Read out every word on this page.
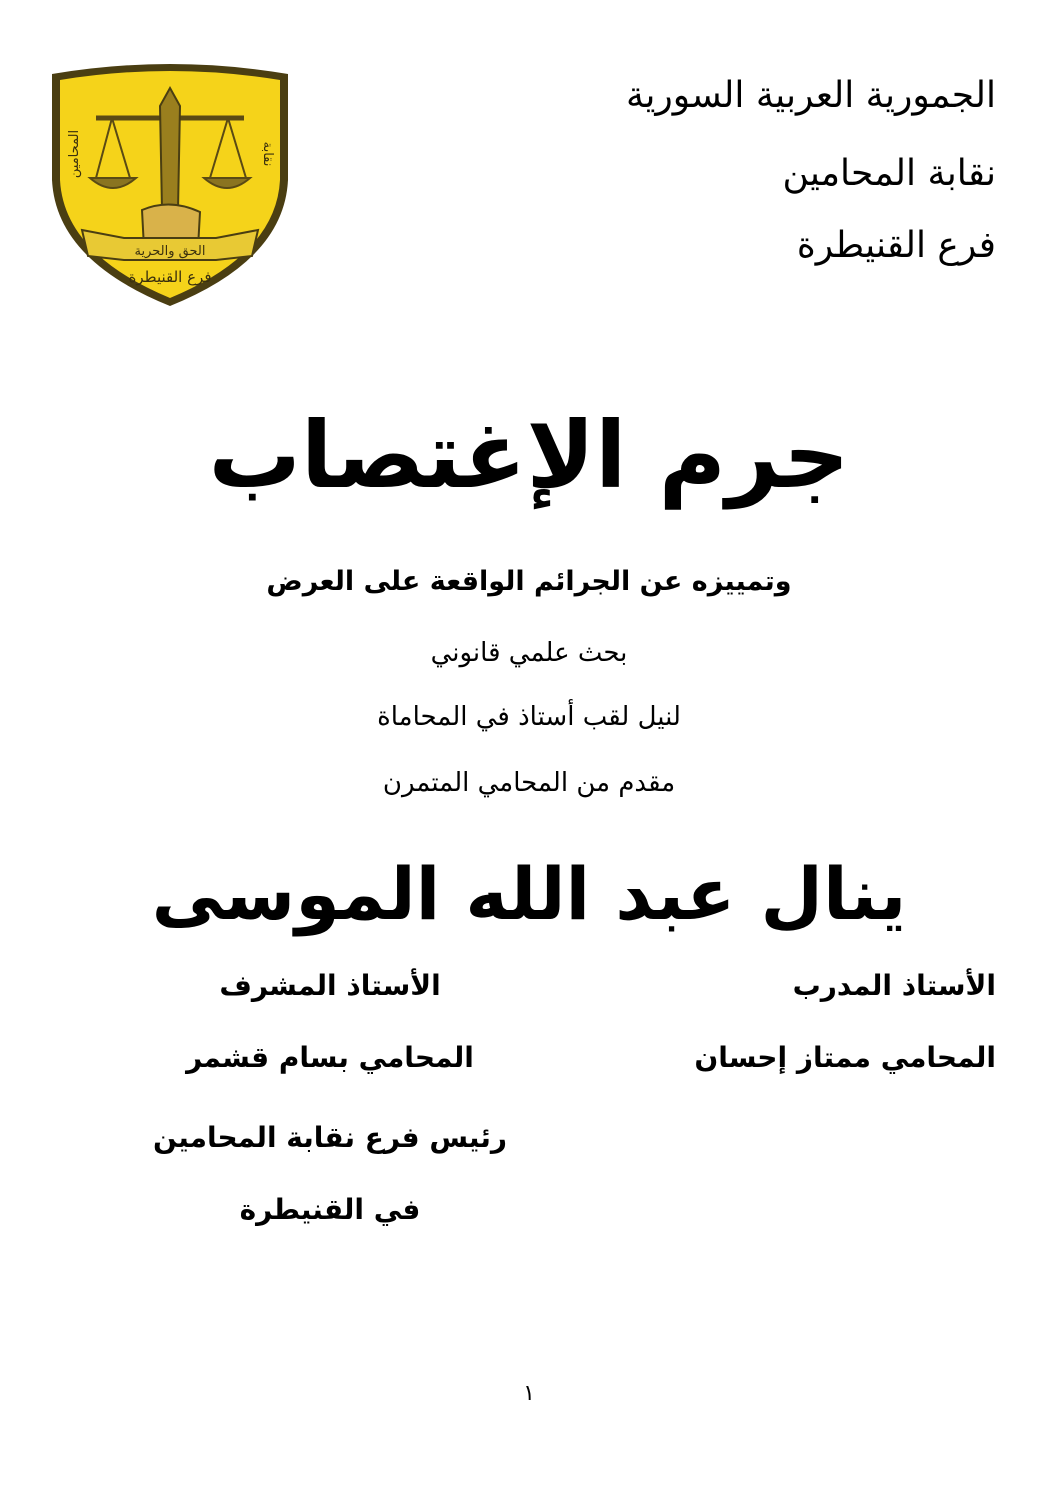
الحق والحرية
فرع القنيطرة
المحامين	نقابة
الجمورية العربية السورية
نقابة المحامين
فرع القنيطرة
جرم الإغتصاب
وتمييزه عن الجرائم الواقعة على العرض
بحث علمي قانوني
لنيل لقب أستاذ في المحاماة
مقدم من المحامي المتمرن
ينال عبد الله الموسى
الأستاذ المدرب
المحامي ممتاز إحسان
الأستاذ المشرف
المحامي بسام قشمر
رئيس فرع نقابة المحامين
في القنيطرة
١
